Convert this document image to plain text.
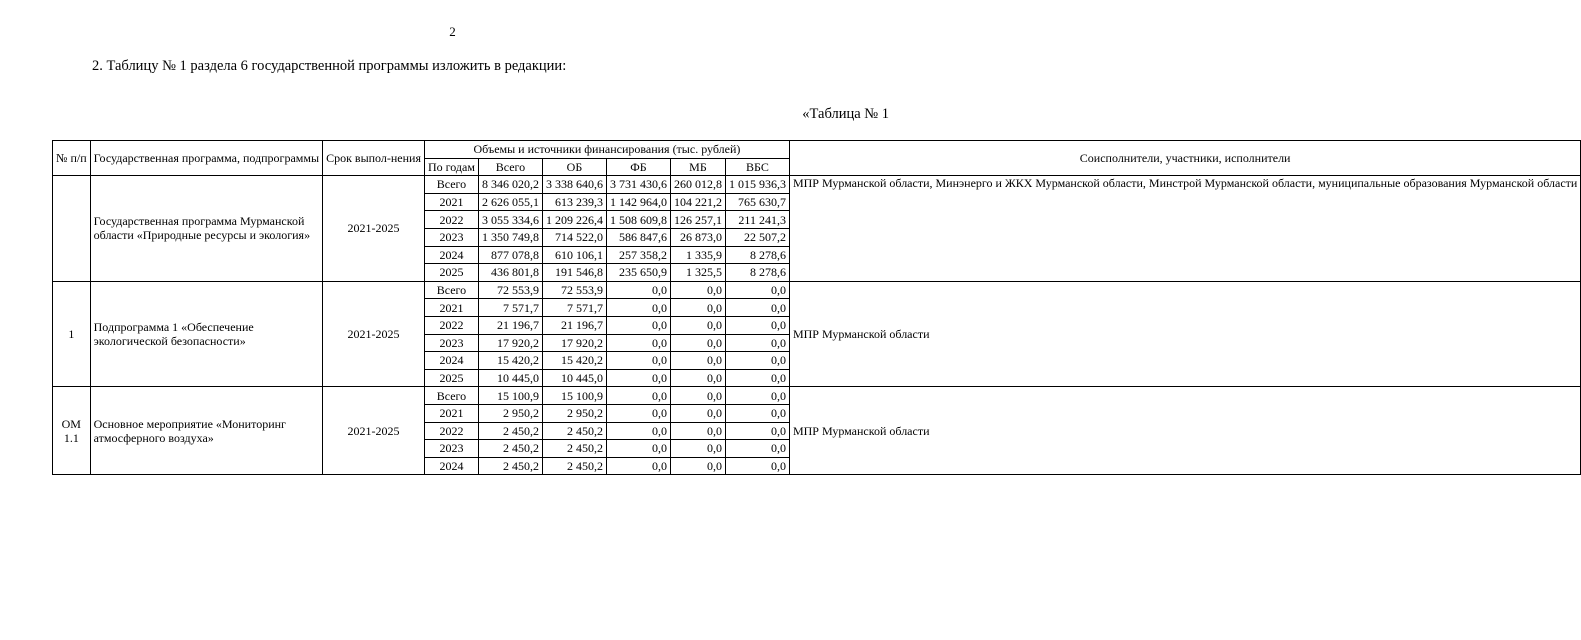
2
2. Таблицу № 1 раздела 6 государственной программы изложить в редакции:
«Таблица № 1
№ п/п	Государственная программа, подпрограммы	Срок выпол-нения	Объемы и источники финансирования (тыс. рублей)						Соисполнители, участники, исполнители
			По годам	Всего	ОБ	ФБ	МБ	ВБС	
	Государственная программа Мурманской области «Природные ресурсы и экология»	2021-2025	Всего	8 346 020,2	3 338 640,6	3 731 430,6	260 012,8	1 015 936,3	МПР Мурманской области, Минэнерго и ЖКХ Мурманской области, Минстрой Мурманской области, муниципальные образования Мурманской области
			2021	2 626 055,1	613 239,3	1 142 964,0	104 221,2	765 630,7	
			2022	3 055 334,6	1 209 226,4	1 508 609,8	126 257,1	211 241,3	
			2023	1 350 749,8	714 522,0	586 847,6	26 873,0	22 507,2	
			2024	877 078,8	610 106,1	257 358,2	1 335,9	8 278,6	
			2025	436 801,8	191 546,8	235 650,9	1 325,5	8 278,6	
1	Подпрограмма 1 «Обеспечение экологической безопасности»	2021-2025	Всего	72 553,9	72 553,9	0,0	0,0	0,0	МПР Мурманской области
			2021	7 571,7	7 571,7	0,0	0,0	0,0	
			2022	21 196,7	21 196,7	0,0	0,0	0,0	
			2023	17 920,2	17 920,2	0,0	0,0	0,0	
			2024	15 420,2	15 420,2	0,0	0,0	0,0	
			2025	10 445,0	10 445,0	0,0	0,0	0,0	
ОМ 1.1	Основное мероприятие «Мониторинг атмосферного воздуха»	2021-2025	Всего	15 100,9	15 100,9	0,0	0,0	0,0	МПР Мурманской области
			2021	2 950,2	2 950,2	0,0	0,0	0,0	
			2022	2 450,2	2 450,2	0,0	0,0	0,0	
			2023	2 450,2	2 450,2	0,0	0,0	0,0	
			2024	2 450,2	2 450,2	0,0	0,0	0,0	
